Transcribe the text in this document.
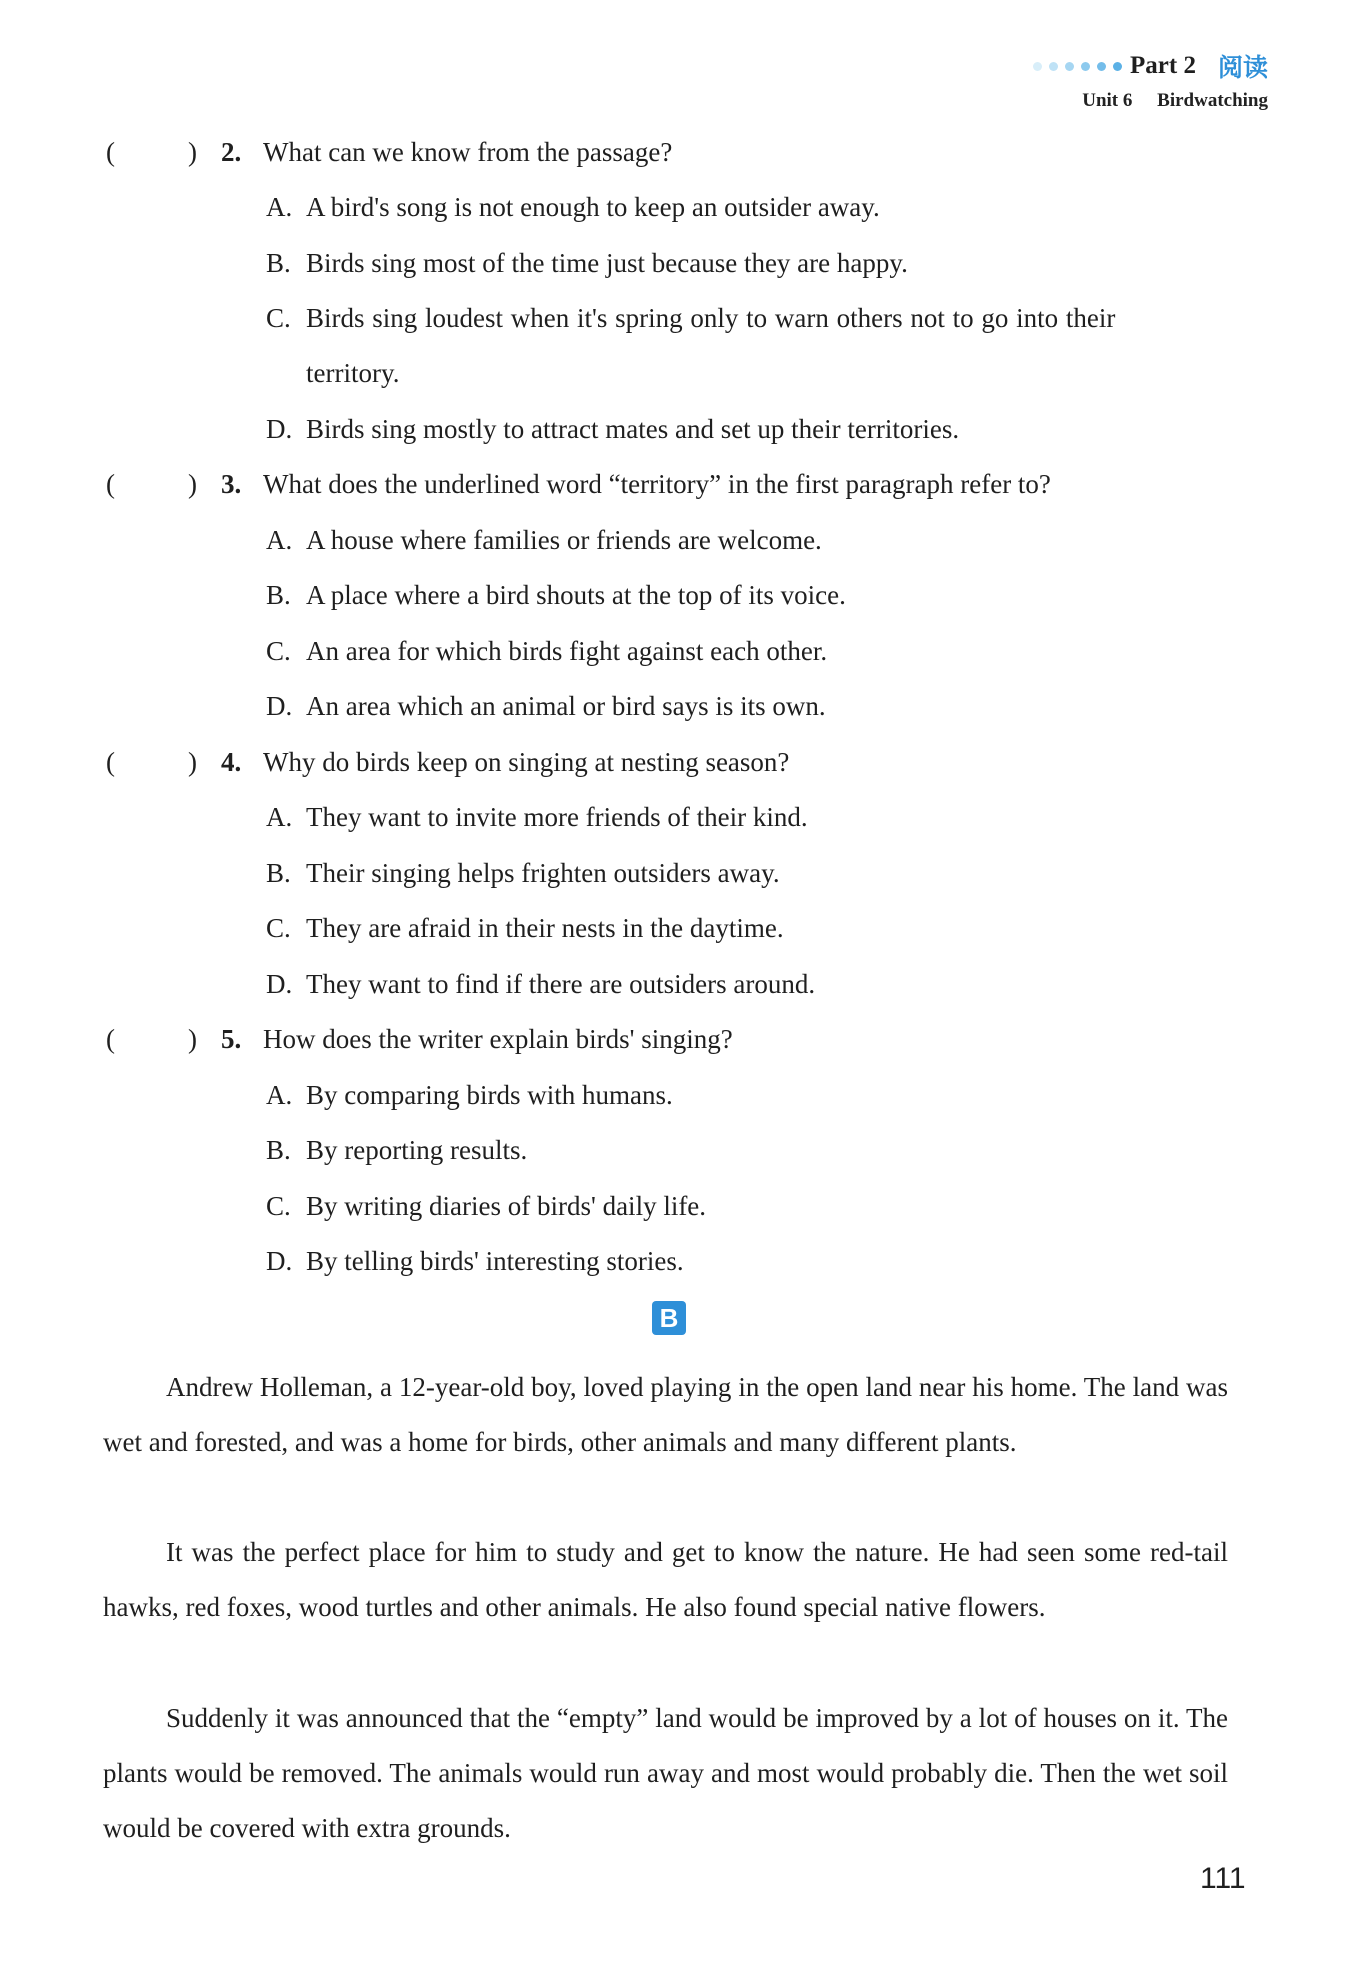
Part 2 阅读
Unit 6 Birdwatching
(	) 2. What can we know from the passage?
A. A bird's song is not enough to keep an outsider away.
B. Birds sing most of the time just because they are happy.
C. Birds sing loudest when it's spring only to warn others not to go into their
territory.
D. Birds sing mostly to attract mates and set up their territories.
(	) 3. What does the underlined word “territory” in the first paragraph refer to?
A. A house where families or friends are welcome.
B. A place where a bird shouts at the top of its voice.
C. An area for which birds fight against each other.
D. An area which an animal or bird says is its own.
(	) 4. Why do birds keep on singing at nesting season?
A. They want to invite more friends of their kind.
B. Their singing helps frighten outsiders away.
C. They are afraid in their nests in the daytime.
D. They want to find if there are outsiders around.
(	) 5. How does the writer explain birds' singing?
A. By comparing birds with humans.
B. By reporting results.
C. By writing diaries of birds' daily life.
D. By telling birds' interesting stories.
B
Andrew Holleman, a 12-year-old boy, loved playing in the open land near his home. The land was wet and forested, and was a home for birds, other animals and many different plants.
It was the perfect place for him to study and get to know the nature. He had seen some red-tail hawks, red foxes, wood turtles and other animals. He also found special native flowers.
Suddenly it was announced that the “empty” land would be improved by a lot of houses on it. The plants would be removed. The animals would run away and most would probably die. Then the wet soil would be covered with extra grounds.
111
